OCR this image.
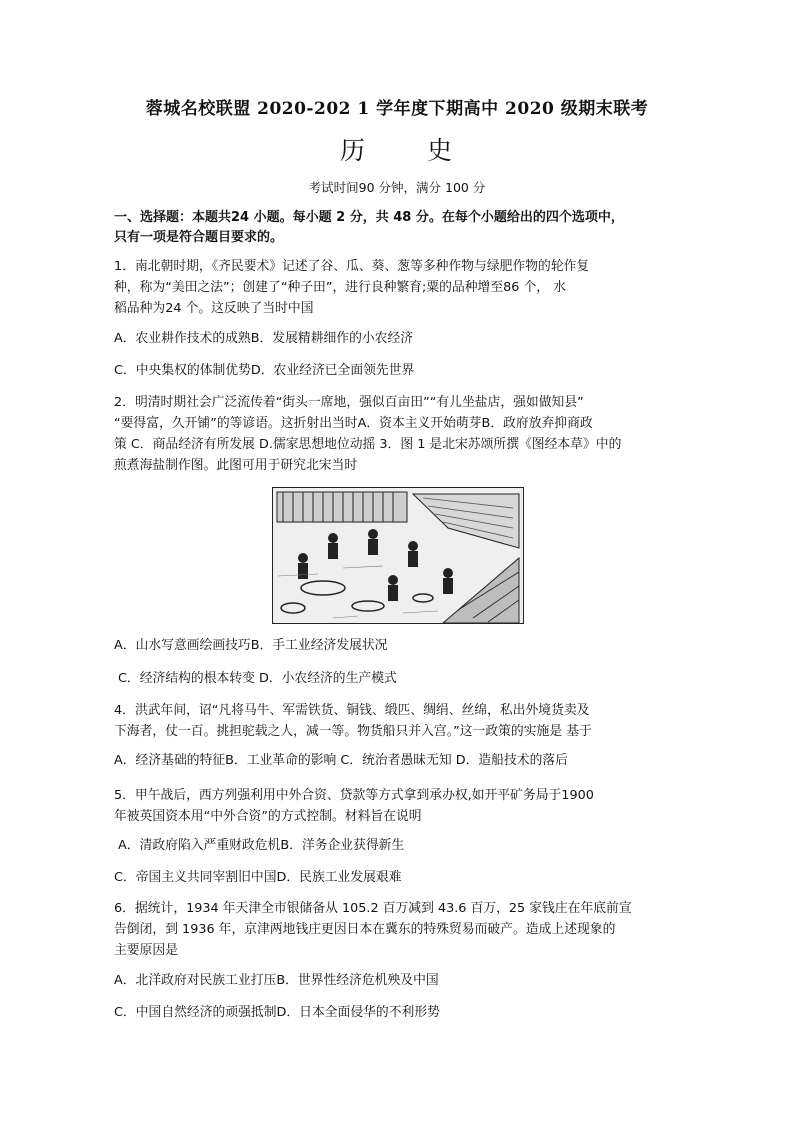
蓉城名校联盟 2020-202 1 学年度下期高中 2020 级期末联考
历 史
考试时间90 分钟，满分 100 分
一、选择题：本题共24 小题。每小题 2 分，共 48 分。在每个小题给出的四个选项中，
只有一项是符合题目要求的。
1．南北朝时期，《齐民要术》记述了谷、瓜、葵、葱等多种作物与绿肥作物的轮作复
种，称为“美田之法”；创建了“种子田”，进行良种繁育;粟的品种增至86 个， 水
稻品种为24 个。这反映了当时中国
A．农业耕作技术的成熟B．发展精耕细作的小农经济
C．中央集权的体制优势D．农业经济已全面领先世界
2．明清时期社会广泛流传着“街头一席地，强似百亩田”“有儿坐盐店，强如做知县”
“要得富，久开铺”的等谚语。这折射出当时A．资本主义开始萌芽B．政府放弃抑商政
策 C．商品经济有所发展 D.儒家思想地位动摇 3．图 1 是北宋苏颂所撰《图经本草》中的
煎煮海盐制作图。此图可用于研究北宋当时
A．山水写意画绘画技巧B．手工业经济发展状况
C．经济结构的根本转变 D．小农经济的生产模式
4．洪武年间，诏“凡将马牛、军需铁货、铜钱、缎匹、绸绢、丝绵，私出外境货卖及
下海者，仗一百。挑担驼载之人，减一等。物货船只并入宫。”这一政策的实施是 基于
A．经济基础的特征B．工业革命的影响 C．统治者愚昧无知 D．造船技术的落后
5．甲午战后，西方列强利用中外合资、贷款等方式拿到承办权,如开平矿务局于1900
年被英国资本用“中外合资”的方式控制。材料旨在说明
A．清政府陷入严重财政危机B．洋务企业获得新生
C．帝国主义共同宰割旧中国D．民族工业发展艰难
6．据统计，1934 年天津全市银储备从 105.2 百万减到 43.6 百万，25 家钱庄在年底前宣
告倒闭，到 1936 年，京津两地钱庄更因日本在冀东的特殊贸易而破产。造成上述现象的
主要原因是
A．北洋政府对民族工业打压B．世界性经济危机殃及中国
C．中国自然经济的顽强抵制D．日本全面侵华的不利形势
